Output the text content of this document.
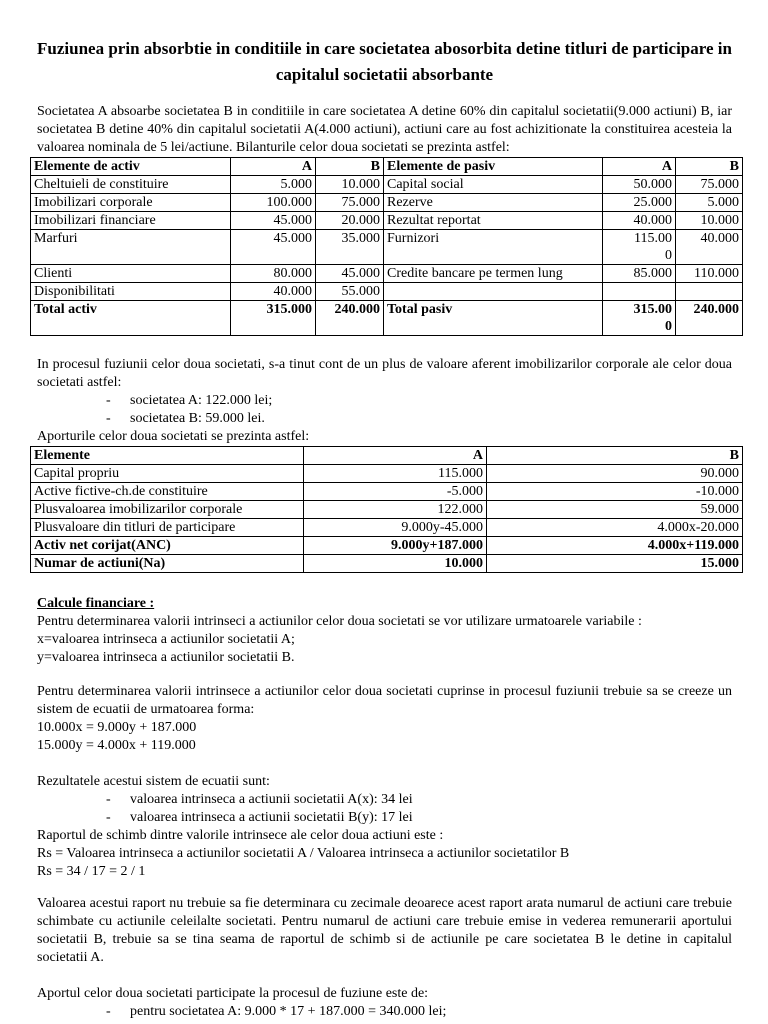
Fuziunea prin absorbtie in conditiile in care societatea abosorbita detine titluri de participare in capitalul societatii absorbante

Societatea A absoarbe societatea B in conditiile in care societatea A detine 60% din capitalul societatii(9.000 actiuni) B, iar societatea B detine 40% din capitalul societatii A(4.000 actiuni), actiuni care au fost achizitionate la constituirea acesteia la valoarea nominala de 5 lei/actiune. Bilanturile celor doua societati se prezinta astfel:

Elemente de activ	A	B	Elemente de pasiv	A	B
Cheltuieli de constituire	5.000	10.000	Capital social	50.000	75.000
Imobilizari corporale	100.000	75.000	Rezerve	25.000	5.000
Imobilizari financiare	45.000	20.000	Rezultat reportat	40.000	10.000
Marfuri	45.000	35.000	Furnizori	115.000	40.000
Clienti	80.000	45.000	Credite bancare pe termen lung	85.000	110.000
Disponibilitati	40.000	55.000			
Total activ	315.000	240.000	Total pasiv	315.000	240.000

In procesul fuziunii celor doua societati, s-a tinut cont de un plus de valoare aferent imobilizarilor corporale ale celor doua societati astfel:

- societatea A: 122.000 lei;
- societatea B: 59.000 lei.

Aporturile celor doua societati se prezinta astfel:

Elemente	A	B
Capital propriu	115.000	90.000
Active fictive-ch.de constituire	-5.000	-10.000
Plusvaloarea imobilizarilor corporale	122.000	59.000
Plusvaloare din titluri de participare	9.000y-45.000	4.000x-20.000
Activ net corijat(ANC)	9.000y+187.000	4.000x+119.000
Numar de actiuni(Na)	10.000	15.000

Calcule financiare :

Pentru determinarea valorii intrinseci a actiunilor celor doua societati se vor utilizare urmatoarele variabile :

x=valoarea intrinseca a actiunilor societatii A;

y=valoarea intrinseca a actiunilor societatii B.

Pentru determinarea valorii intrinsece a actiunilor celor doua societati cuprinse in procesul fuziunii trebuie sa se creeze un sistem de ecuatii de urmatoarea forma:

10.000x = 9.000y + 187.000

15.000y = 4.000x + 119.000

Rezultatele acestui sistem de ecuatii sunt:

- valoarea intrinseca a actiunii societatii A(x): 34 lei
- valoarea intrinseca a actiunii societatii B(y): 17 lei

Raportul de schimb dintre valorile intrinsece ale celor doua actiuni este :

Rs = Valoarea intrinseca a actiunilor societatii A / Valoarea intrinseca a actiunilor societatilor B

Rs = 34 / 17 = 2 / 1

Valoarea acestui raport nu trebuie sa fie determinara cu zecimale deoarece acest raport arata numarul de actiuni care trebuie schimbate cu actiunile celeilalte societati. Pentru numarul de actiuni care trebuie emise in vederea remunerarii aportului societatii B, trebuie sa se tina seama de raportul de schimb si de actiunile pe care societatea B le detine in capitalul societatii A.

Aportul celor doua societati participate la procesul de fuziune este de:

- pentru societatea A: 9.000 * 17 + 187.000 = 340.000 lei;
